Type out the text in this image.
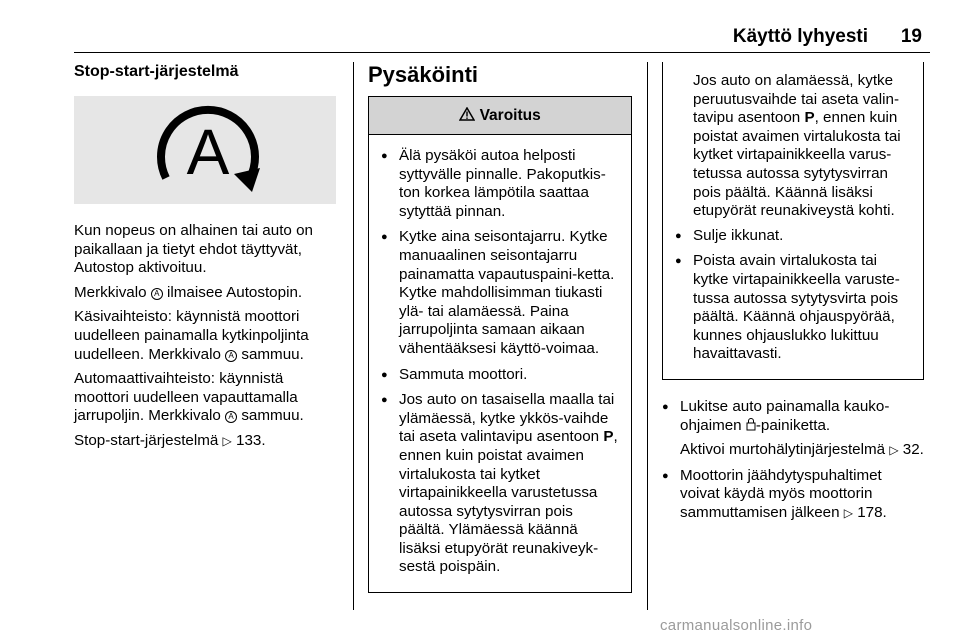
Käyttö lyhyesti 19
Stop-start-järjestelmä
A

Kun nopeus on alhainen tai auto on paikallaan ja tietyt ehdot täyttyvät, Autostop aktivoituu.

Merkkivalo A ilmaisee Autostopin.

Käsivaihteisto: käynnistä moottori uudelleen painamalla kytkinpoljinta uudelleen. Merkkivalo A sammuu.

Automaattivaihteisto: käynnistä moottori uudelleen vapauttamalla jarrupoljin. Merkkivalo A sammuu.

Stop-start-järjestelmä ▷ 133.

Pysäköinti
Varoitus
● Älä pysäköi autoa helposti syttyvälle pinnalle. Pakoputkis-ton korkea lämpötila saattaa sytyttää pinnan.
● Kytke aina seisontajarru. Kytke manuaalinen seisontajarru painamatta vapautuspaini-ketta. Kytke mahdollisimman tiukasti ylä- tai alamäessä. Paina jarrupoljinta samaan aikaan vähentääksesi käyttö-voimaa.
● Sammuta moottori.
● Jos auto on tasaisella maalla tai ylämäessä, kytke ykkös-vaihde tai aseta valintavipu asentoon P, ennen kuin poistat avaimen virtalukosta tai kytket virtapainikkeella varustetussa autossa sytytysvirran pois päältä. Ylämäessä käännä lisäksi etupyörät reunakiveyk-sestä poispäin.

Jos auto on alamäessä, kytke peruutusvaihde tai aseta valin-tavipu asentoon P, ennen kuin poistat avaimen virtalukosta tai kytket virtapainikkeella varus-tetussa autossa sytytysvirran pois päältä. Käännä lisäksi etupyörät reunakiveystä kohti.

● Sulje ikkunat.
● Poista avain virtalukosta tai kytke virtapainikkeella varuste-tussa autossa sytytysvirta pois päältä. Käännä ohjauspyörää, kunnes ohjauslukko lukittuu havaittavasti.
● Lukitse auto painamalla kauko-ohjaimen -painiketta.

Aktivoi murtohälytinjärjestelmä ▷ 32.

● Moottorin jäähdytyspuhaltimet voivat käydä myös moottorin sammuttamisen jälkeen ▷ 178.
carmanualsonline.info
